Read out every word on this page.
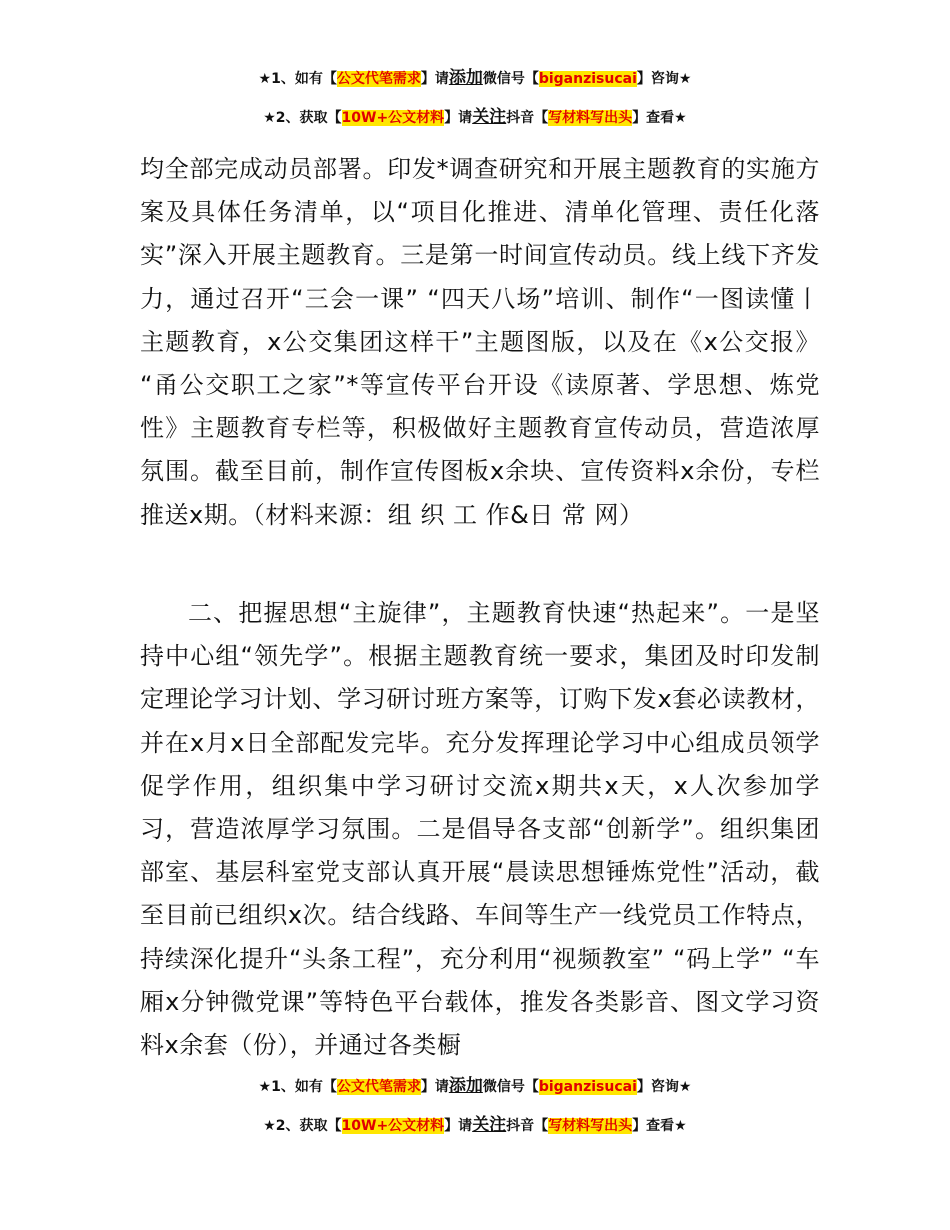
★1、如有【公文代笔需求】请添加微信号【biganzisucai】咨询★
★2、获取【10W+公文材料】请关注抖音【写材料写出头】查看★

均全部完成动员部署。印发*调查研究和开展主题教育的实施方案及具体任务清单，以“项目化推进、清单化管理、责任化落实”深入开展主题教育。三是第一时间宣传动员。线上线下齐发力，通过召开“三会一课” “四天八场”培训、制作“一图读懂丨主题教育，x公交集团这样干”主题图版，以及在《x公交报》 “甬公交职工之家”*等宣传平台开设《读原著、学思想、炼党性》主题教育专栏等，积极做好主题教育宣传动员，营造浓厚氛围。截至目前，制作宣传图板x余块、宣传资料x余份，专栏推送x期。（材料来源：组 织 工 作&日 常 网）

二、把握思想“主旋律”，主题教育快速“热起来”。一是坚持中心组“领先学”。根据主题教育统一要求，集团及时印发制定理论学习计划、学习研讨班方案等，订购下发x套必读教材，并在x月x日全部配发完毕。充分发挥理论学习中心组成员领学促学作用，组织集中学习研讨交流x期共x天，x人次参加学习，营造浓厚学习氛围。二是倡导各支部“创新学”。组织集团部室、基层科室党支部认真开展“晨读思想锤炼党性”活动，截至目前已组织x次。结合线路、车间等生产一线党员工作特点，持续深化提升“头条工程”，充分利用“视频教室” “码上学” “车厢x分钟微党课”等特色平台载体，推发各类影音、图文学习资料x余套（份），并通过各类橱

★1、如有【公文代笔需求】请添加微信号【biganzisucai】咨询★
★2、获取【10W+公文材料】请关注抖音【写材料写出头】查看★
